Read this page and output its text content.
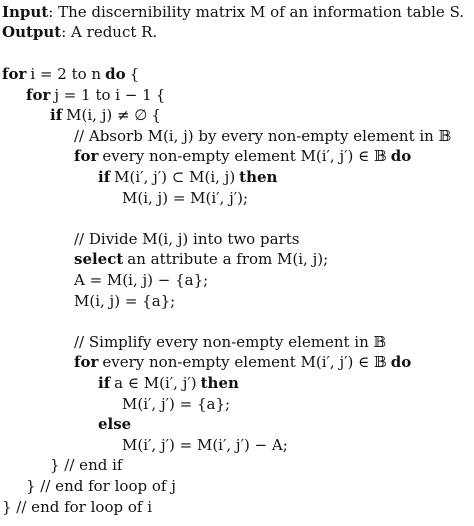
Input: The discernibility matrix M of an information table S.
Output: A reduct R.
for i = 2 to n do {
for j = 1 to i − 1 {
if M(i, j) ≠ ∅ {
// Absorb M(i, j) by every non-empty element in 𝔹
for every non-empty element M(i′, j′) ∈ 𝔹 do
if M(i′, j′) ⊂ M(i, j) then
M(i, j) = M(i′, j′);
// Divide M(i, j) into two parts
select an attribute a from M(i, j);
A = M(i, j) − {a};
M(i, j) = {a};
// Simplify every non-empty element in 𝔹
for every non-empty element M(i′, j′) ∈ 𝔹 do
if a ∈ M(i′, j′) then
M(i′, j′) = {a};
else
M(i′, j′) = M(i′, j′) − A;
} // end if
} // end for loop of j
} // end for loop of i
